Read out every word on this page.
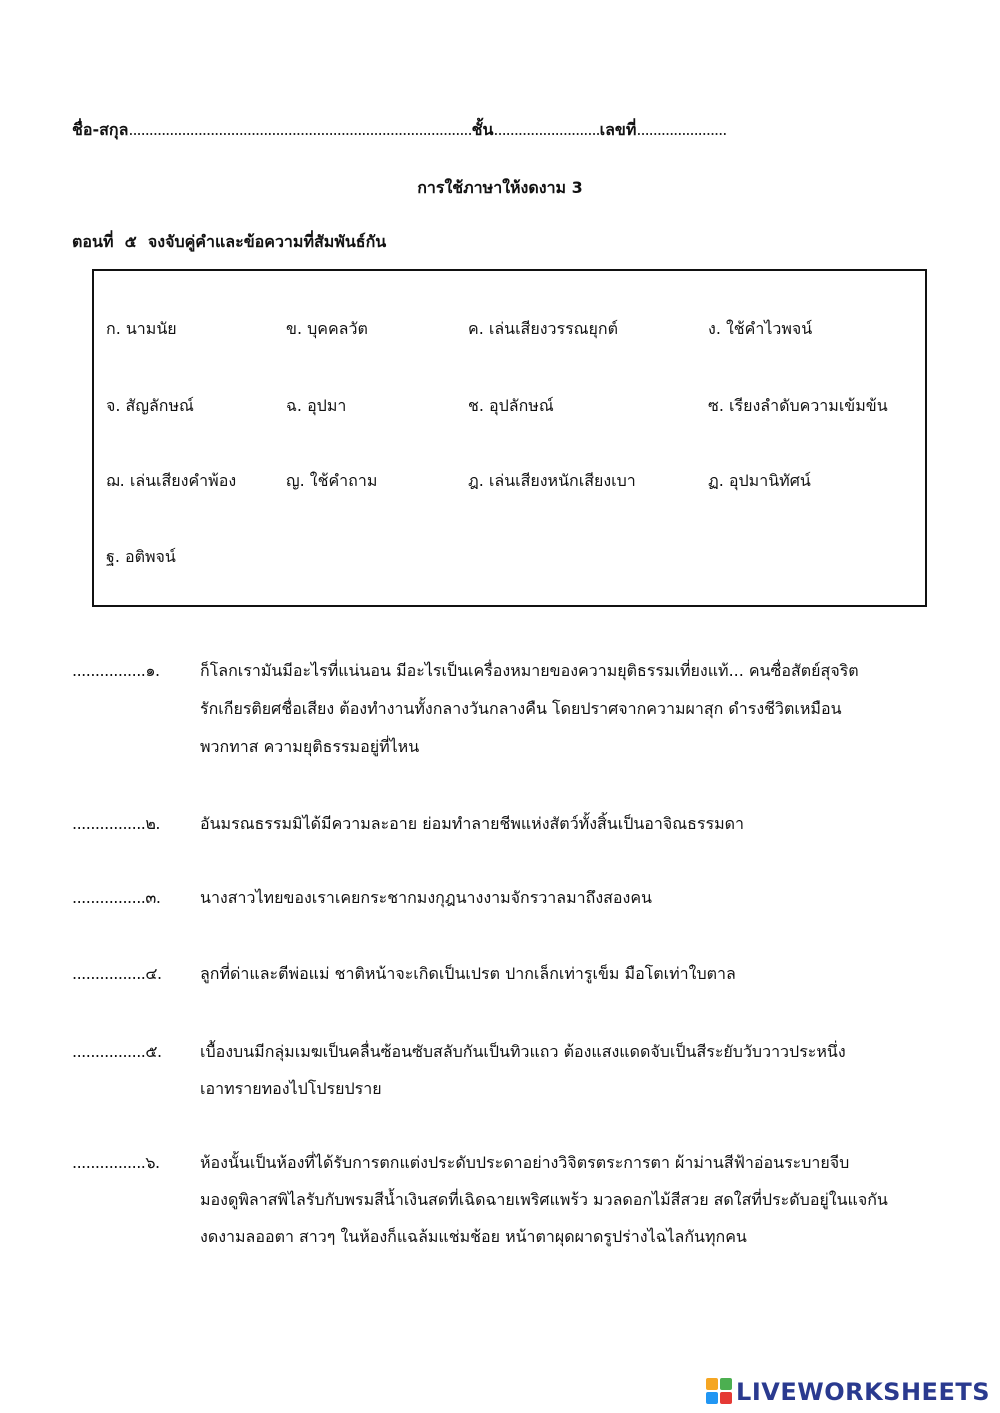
ชื่อ-สกุล....................................................................................ชั้น..........................เลขที่......................
การใช้ภาษาให้งดงาม 3
ตอนที่ ๕ จงจับคู่คำและข้อความที่สัมพันธ์กัน
ก. นามนัย	ข. บุคคลวัต	ค. เล่นเสียงวรรณยุกต์	ง. ใช้คำไวพจน์
จ. สัญลักษณ์	ฉ. อุปมา	ช. อุปลักษณ์	ซ. เรียงลำดับความเข้มข้น
ฌ. เล่นเสียงคำพ้อง	ญ. ใช้คำถาม	ฎ. เล่นเสียงหนักเสียงเบา	ฏ. อุปมานิทัศน์
ฐ. อติพจน์
................๑.	ก็โลกเรามันมีอะไรที่แน่นอน มีอะไรเป็นเครื่องหมายของความยุติธรรมเที่ยงแท้... คนซื่อสัตย์สุจริต
รักเกียรติยศชื่อเสียง ต้องทำงานทั้งกลางวันกลางคืน โดยปราศจากความผาสุก ดำรงชีวิตเหมือน
พวกทาส ความยุติธรรมอยู่ที่ไหน
................๒. อันมรณธรรมมิได้มีความละอาย ย่อมทำลายชีพแห่งสัตว์ทั้งสิ้นเป็นอาจิณธรรมดา
................๓. นางสาวไทยของเราเคยกระชากมงกุฎนางงามจักรวาลมาถึงสองคน
................๔. ลูกที่ด่าและตีพ่อแม่ ชาติหน้าจะเกิดเป็นเปรต ปากเล็กเท่ารูเข็ม มือโตเท่าใบตาล
................๕. เบื้องบนมีกลุ่มเมฆเป็นคลื่นซ้อนซับสลับกันเป็นทิวแถว ต้องแสงแดดจับเป็นสีระยับวับวาวประหนึ่ง
เอาทรายทองไปโปรยปราย
................๖.	ห้องนั้นเป็นห้องที่ได้รับการตกแต่งประดับประดาอย่างวิจิตรตระการตา ผ้าม่านสีฟ้าอ่อนระบายจีบ
มองดูพิลาสพิไลรับกับพรมสีน้ำเงินสดที่เฉิดฉายเพริศแพร้ว มวลดอกไม้สีสวย สดใสที่ประดับอยู่ในแจกัน
งดงามลออตา สาวๆ ในห้องก็แฉล้มแช่มช้อย หน้าตาผุดผาดรูปร่างไฉไลกันทุกคน
LIVEWORKSHEETS
